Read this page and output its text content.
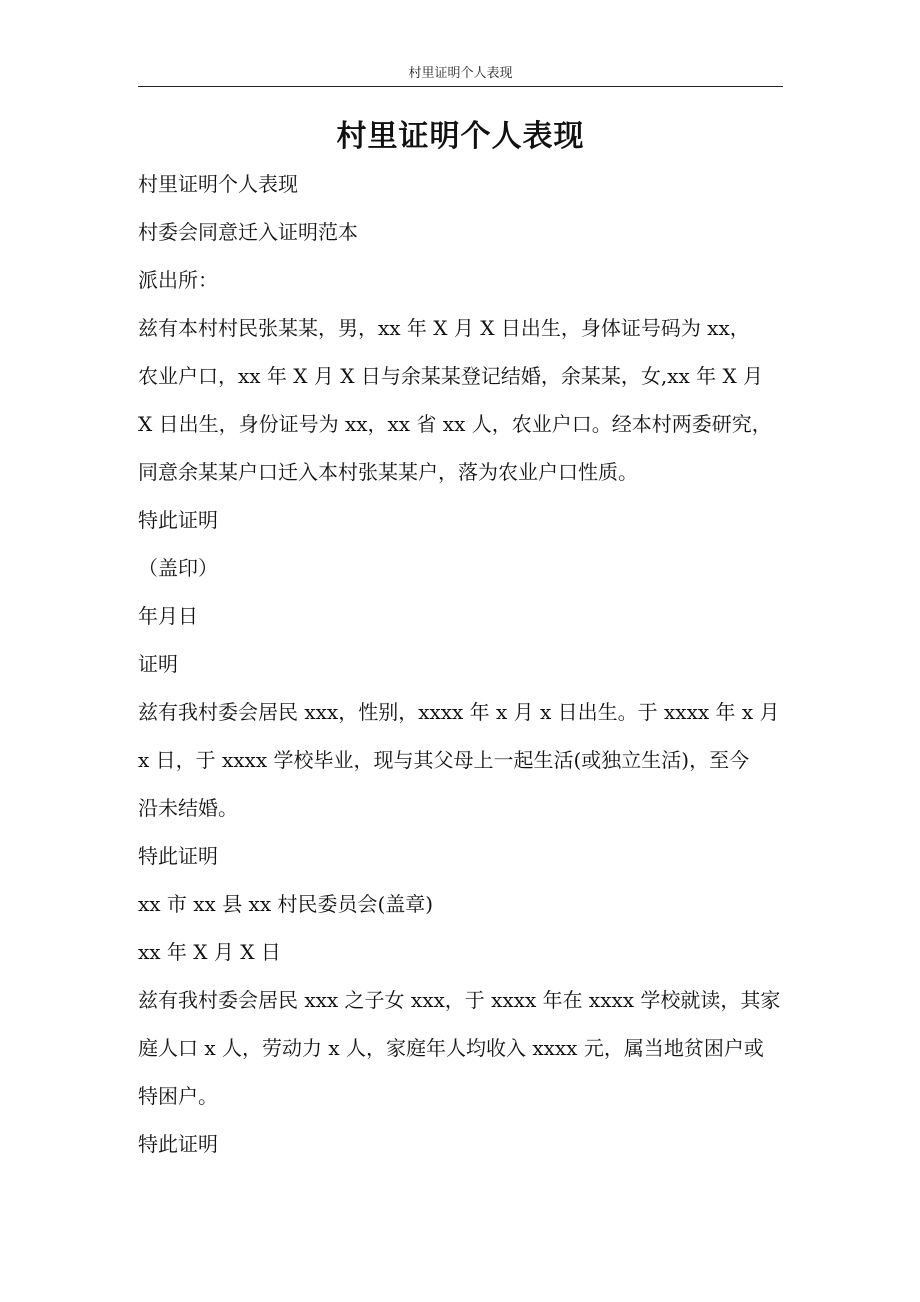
村里证明个人表现
村里证明个人表现

村里证明个人表现

村委会同意迁入证明范本

派出所：

兹有本村村民张某某，男，xx 年 X 月 X 日出生，身体证号码为 xx，

农业户口，xx 年 X 月 X 日与余某某登记结婚，余某某，女,xx 年 X 月

X 日出生，身份证号为 xx，xx 省 xx 人，农业户口。经本村两委研究，

同意余某某户口迁入本村张某某户，落为农业户口性质。

特此证明

（盖印）

年月日

证明

兹有我村委会居民 xxx，性别，xxxx 年 x 月 x 日出生。于 xxxx 年 x 月

x 日，于 xxxx 学校毕业，现与其父母上一起生活(或独立生活)，至今

沿未结婚。

特此证明

xx 市 xx 县 xx 村民委员会(盖章)

xx 年 X 月 X 日

兹有我村委会居民 xxx 之子女 xxx，于 xxxx 年在 xxxx 学校就读，其家

庭人口 x 人，劳动力 x 人，家庭年人均收入 xxxx 元，属当地贫困户或

特困户。

特此证明
